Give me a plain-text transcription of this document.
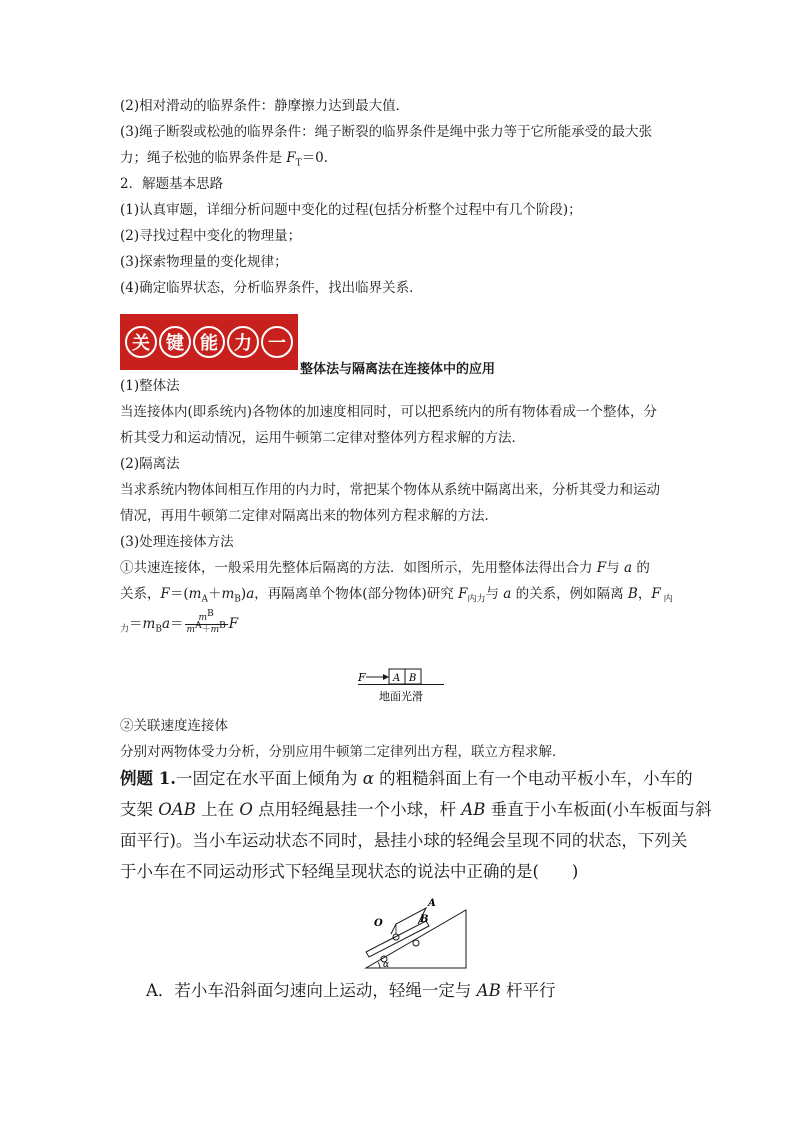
(2)相对滑动的临界条件：静摩擦力达到最大值．
(3)绳子断裂或松弛的临界条件：绳子断裂的临界条件是绳中张力等于它所能承受的最大张
力；绳子松弛的临界条件是 $F_T=0$.
2．解题基本思路
(1)认真审题，详细分析问题中变化的过程(包括分析整个过程中有几个阶段)；
(2)寻找过程中变化的物理量；
(3)探索物理量的变化规律；
(4)确定临界状态，分析临界条件，找出临界关系．
关 键 能 力 一
整体法与隔离法在连接体中的应用
(1)整体法
当连接体内(即系统内)各物体的加速度相同时，可以把系统内的所有物体看成一个整体，分
析其受力和运动情况，运用牛顿第二定律对整体列方程求解的方法．
(2)隔离法
当求系统内物体间相互作用的内力时，常把某个物体从系统中隔离出来，分析其受力和运动
情况，再用牛顿第二定律对隔离出来的物体列方程求解的方法．
(3)处理连接体方法
①共速连接体，一般采用先整体后隔离的方法．如图所示，先用整体法得出合力 F与 a 的
关系，$F=(m_A+m_B)a$，再隔离单个物体(部分物体)研究 $F_{内力}$与 a 的关系，例如隔离 B，F $_内$
$_力=m_Ba= \frac{m^B}{m^A+m^B}$ F
F	A B
地面光滑
②关联速度连接体
分别对两物体受力分析，分别应用牛顿第二定律列出方程，联立方程求解．
例题 1.一固定在水平面上倾角为 α 的粗糙斜面上有一个电动平板小车，小车的
支架 OAB 上在 O 点用轻绳悬挂一个小球，杆 AB 垂直于小车板面(小车板面与斜
面平行)。当小车运动状态不同时，悬挂小球的轻绳会呈现不同的状态，下列关
于小车在不同运动形式下轻绳呈现状态的说法中正确的是(　　)
O
A
B
α
A．若小车沿斜面匀速向上运动，轻绳一定与 AB 杆平行
